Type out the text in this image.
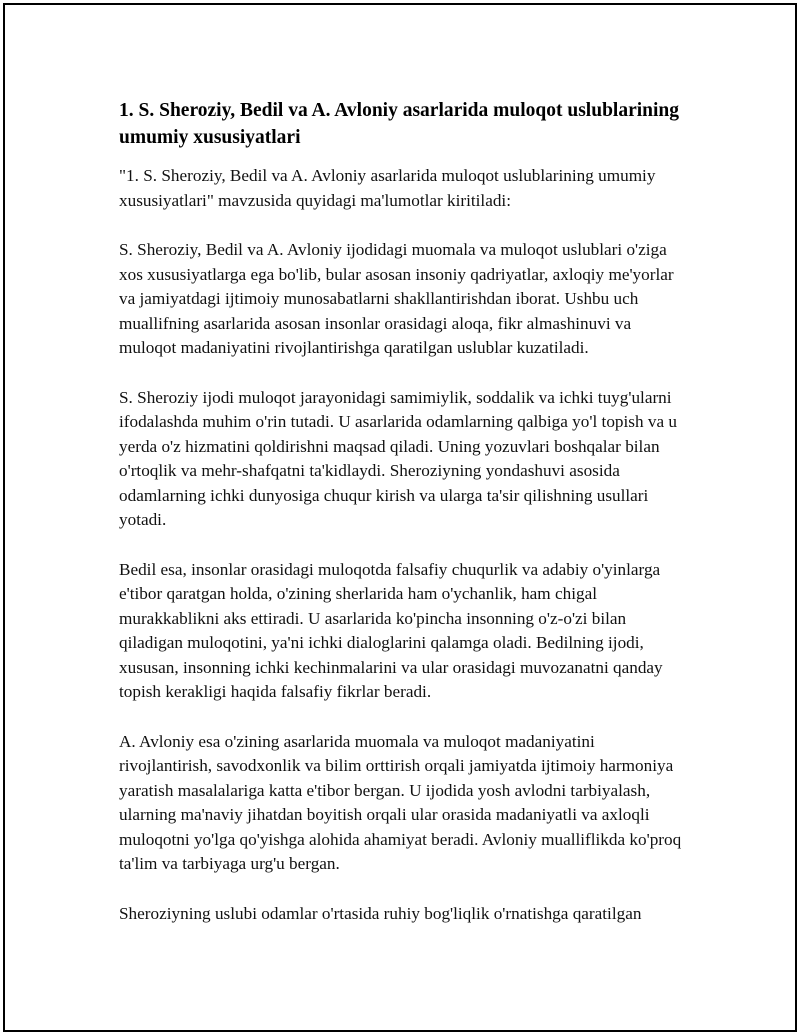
1. S. Sheroziy, Bedil va A. Avloniy asarlarida muloqot uslublarining umumiy xususiyatlari

"1. S. Sheroziy, Bedil va A. Avloniy asarlarida muloqot uslublarining umumiy xususiyatlari" mavzusida quyidagi ma'lumotlar kiritiladi:

S. Sheroziy, Bedil va A. Avloniy ijodidagi muomala va muloqot uslublari o'ziga xos xususiyatlarga ega bo'lib, bular asosan insoniy qadriyatlar, axloqiy me'yorlar va jamiyatdagi ijtimoiy munosabatlarni shakllantirishdan iborat. Ushbu uch muallifning asarlarida asosan insonlar orasidagi aloqa, fikr almashinuvi va muloqot madaniyatini rivojlantirishga qaratilgan uslublar kuzatiladi.

S. Sheroziy ijodi muloqot jarayonidagi samimiylik, soddalik va ichki tuyg'ularni ifodalashda muhim o'rin tutadi. U asarlarida odamlarning qalbiga yo'l topish va u yerda o'z hizmatini qoldirishni maqsad qiladi. Uning yozuvlari boshqalar bilan o'rtoqlik va mehr-shafqatni ta'kidlaydi. Sheroziyning yondashuvi asosida odamlarning ichki dunyosiga chuqur kirish va ularga ta'sir qilishning usullari yotadi.

Bedil esa, insonlar orasidagi muloqotda falsafiy chuqurlik va adabiy o'yinlarga e'tibor qaratgan holda, o'zining sherlarida ham o'ychanlik, ham chigal murakkablikni aks ettiradi. U asarlarida ko'pincha insonning o'z-o'zi bilan qiladigan muloqotini, ya'ni ichki dialoglarini qalamga oladi. Bedilning ijodi, xususan, insonning ichki kechinmalarini va ular orasidagi muvozanatni qanday topish kerakligi haqida falsafiy fikrlar beradi.

A. Avloniy esa o'zining asarlarida muomala va muloqot madaniyatini rivojlantirish, savodxonlik va bilim orttirish orqali jamiyatda ijtimoiy harmoniya yaratish masalalariga katta e'tibor bergan. U ijodida yosh avlodni tarbiyalash, ularning ma'naviy jihatdan boyitish orqali ular orasida madaniyatli va axloqli muloqotni yo'lga qo'yishga alohida ahamiyat beradi. Avloniy mualliflikda ko'proq ta'lim va tarbiyaga urg'u bergan.

Sheroziyning uslubi odamlar o'rtasida ruhiy bog'liqlik o'rnatishga qaratilgan
